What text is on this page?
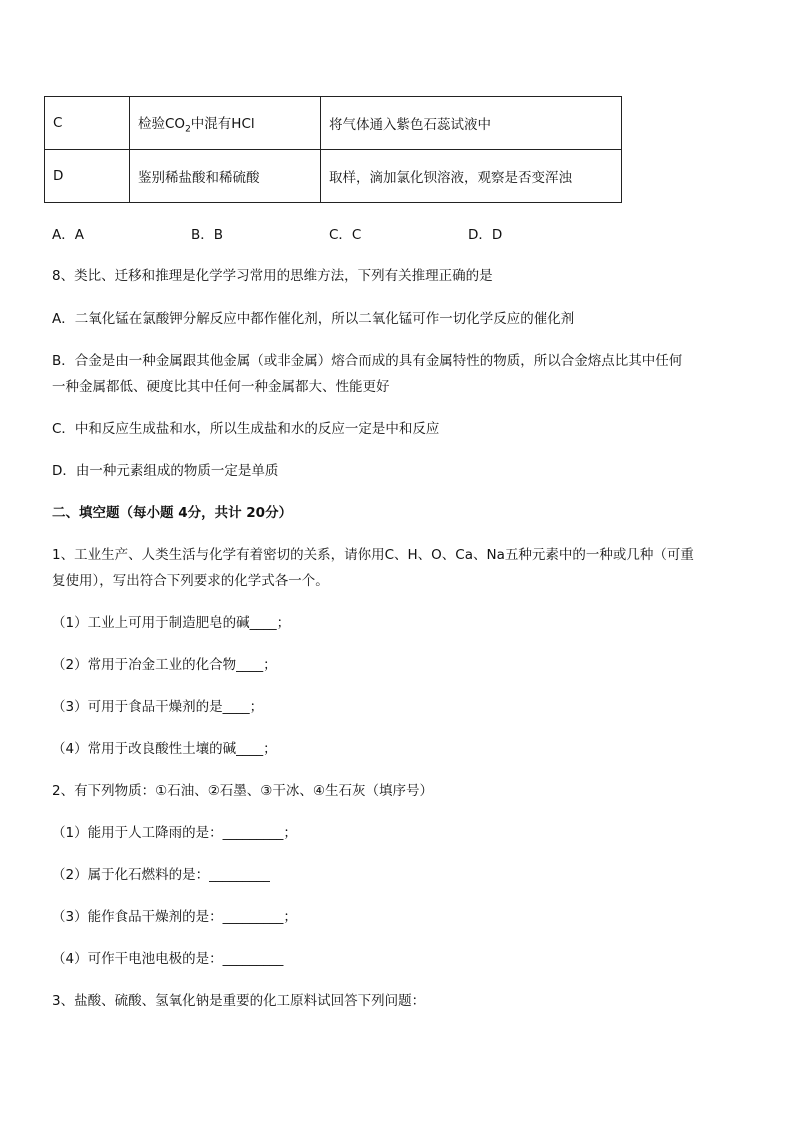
C	检验$CO_2$中混有HCl	将气体通入紫色石蕊试液中
D	鉴别稀盐酸和稀硫酸	取样，滴加氯化钡溶液，观察是否变浑浊
A．A	B．B	C．C	D．D
8、类比、迁移和推理是化学学习常用的思维方法，下列有关推理正确的是
A．二氧化锰在氯酸钾分解反应中都作催化剂，所以二氧化锰可作一切化学反应的催化剂
B．合金是由一种金属跟其他金属（或非金属）熔合而成的具有金属特性的物质，所以合金熔点比其中任何
一种金属都低、硬度比其中任何一种金属都大、性能更好
C．中和反应生成盐和水，所以生成盐和水的反应一定是中和反应
D．由一种元素组成的物质一定是单质
二、填空题（每小题 4分，共计 20分）
1、工业生产、人类生活与化学有着密切的关系，请你用C、H、O、Ca、Na五种元素中的一种或几种（可重
复使用），写出符合下列要求的化学式各一个。
（1）工业上可用于制造肥皂的碱____；
（2）常用于冶金工业的化合物____；
（3）可用于食品干燥剂的是____；
（4）常用于改良酸性土壤的碱____；
2、有下列物质：①石油、②石墨、③干冰、④生石灰（填序号）
（1）能用于人工降雨的是：_________；
（2）属于化石燃料的是：_________
（3）能作食品干燥剂的是：_________；
（4）可作干电池电极的是：_________
3、盐酸、硫酸、氢氧化钠是重要的化工原料试回答下列问题：
